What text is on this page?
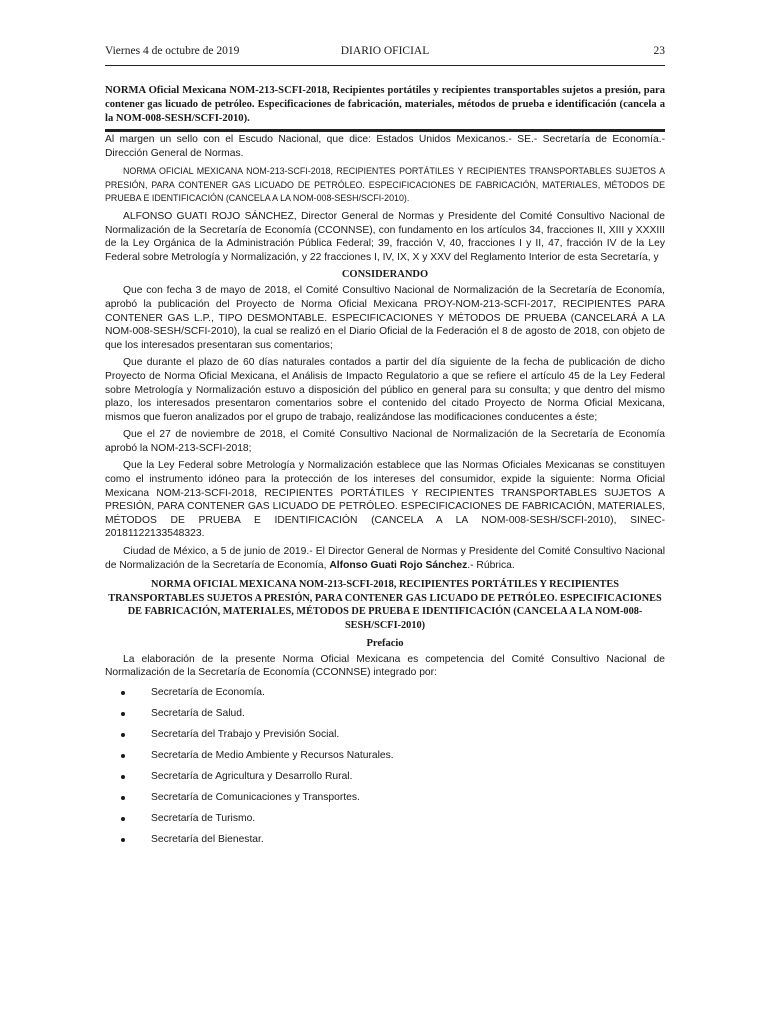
Viernes 4 de octubre de 2019	DIARIO OFICIAL	23
NORMA Oficial Mexicana NOM-213-SCFI-2018, Recipientes portátiles y recipientes transportables sujetos a presión, para contener gas licuado de petróleo. Especificaciones de fabricación, materiales, métodos de prueba e identificación (cancela a la NOM-008-SESH/SCFI-2010).

Al margen un sello con el Escudo Nacional, que dice: Estados Unidos Mexicanos.- SE.- Secretaría de Economía.- Dirección General de Normas.

NORMA OFICIAL MEXICANA NOM-213-SCFI-2018, RECIPIENTES PORTÁTILES Y RECIPIENTES TRANSPORTABLES SUJETOS A PRESIÓN, PARA CONTENER GAS LICUADO DE PETRÓLEO. ESPECIFICACIONES DE FABRICACIÓN, MATERIALES, MÉTODOS DE PRUEBA E IDENTIFICACIÓN (CANCELA A LA NOM-008-SESH/SCFI-2010).

ALFONSO GUATI ROJO SÁNCHEZ, Director General de Normas y Presidente del Comité Consultivo Nacional de Normalización de la Secretaría de Economía (CCONNSE), con fundamento en los artículos 34, fracciones II, XIII y XXXIII de la Ley Orgánica de la Administración Pública Federal; 39, fracción V, 40, fracciones I y II, 47, fracción IV de la Ley Federal sobre Metrología y Normalización, y 22 fracciones I, IV, IX, X y XXV del Reglamento Interior de esta Secretaría, y

CONSIDERANDO

Que con fecha 3 de mayo de 2018, el Comité Consultivo Nacional de Normalización de la Secretaría de Economía, aprobó la publicación del Proyecto de Norma Oficial Mexicana PROY-NOM-213-SCFI-2017, RECIPIENTES PARA CONTENER GAS L.P., TIPO DESMONTABLE. ESPECIFICACIONES Y MÉTODOS DE PRUEBA (CANCELARÁ A LA NOM-008-SESH/SCFI-2010), la cual se realizó en el Diario Oficial de la Federación el 8 de agosto de 2018, con objeto de que los interesados presentaran sus comentarios;

Que durante el plazo de 60 días naturales contados a partir del día siguiente de la fecha de publicación de dicho Proyecto de Norma Oficial Mexicana, el Análisis de Impacto Regulatorio a que se refiere el artículo 45 de la Ley Federal sobre Metrología y Normalización estuvo a disposición del público en general para su consulta; y que dentro del mismo plazo, los interesados presentaron comentarios sobre el contenido del citado Proyecto de Norma Oficial Mexicana, mismos que fueron analizados por el grupo de trabajo, realizándose las modificaciones conducentes a éste;

Que el 27 de noviembre de 2018, el Comité Consultivo Nacional de Normalización de la Secretaría de Economía aprobó la NOM-213-SCFI-2018;

Que la Ley Federal sobre Metrología y Normalización establece que las Normas Oficiales Mexicanas se constituyen como el instrumento idóneo para la protección de los intereses del consumidor, expide la siguiente: Norma Oficial Mexicana NOM-213-SCFI-2018, RECIPIENTES PORTÁTILES Y RECIPIENTES TRANSPORTABLES SUJETOS A PRESIÓN, PARA CONTENER GAS LICUADO DE PETRÓLEO. ESPECIFICACIONES DE FABRICACIÓN, MATERIALES, MÉTODOS DE PRUEBA E IDENTIFICACIÓN (CANCELA A LA NOM-008-SESH/SCFI-2010), SINEC-20181122133548323.

Ciudad de México, a 5 de junio de 2019.- El Director General de Normas y Presidente del Comité Consultivo Nacional de Normalización de la Secretaría de Economía, Alfonso Guati Rojo Sánchez.- Rúbrica.

NORMA OFICIAL MEXICANA NOM-213-SCFI-2018, RECIPIENTES PORTÁTILES Y RECIPIENTES TRANSPORTABLES SUJETOS A PRESIÓN, PARA CONTENER GAS LICUADO DE PETRÓLEO. ESPECIFICACIONES DE FABRICACIÓN, MATERIALES, MÉTODOS DE PRUEBA E IDENTIFICACIÓN (CANCELA A LA NOM-008-SESH/SCFI-2010)
Prefacio

La elaboración de la presente Norma Oficial Mexicana es competencia del Comité Consultivo Nacional de Normalización de la Secretaría de Economía (CCONNSE) integrado por:

Secretaría de Economía.
Secretaría de Salud.
Secretaría del Trabajo y Previsión Social.
Secretaría de Medio Ambiente y Recursos Naturales.
Secretaría de Agricultura y Desarrollo Rural.
Secretaría de Comunicaciones y Transportes.
Secretaría de Turismo.
Secretaría del Bienestar.
